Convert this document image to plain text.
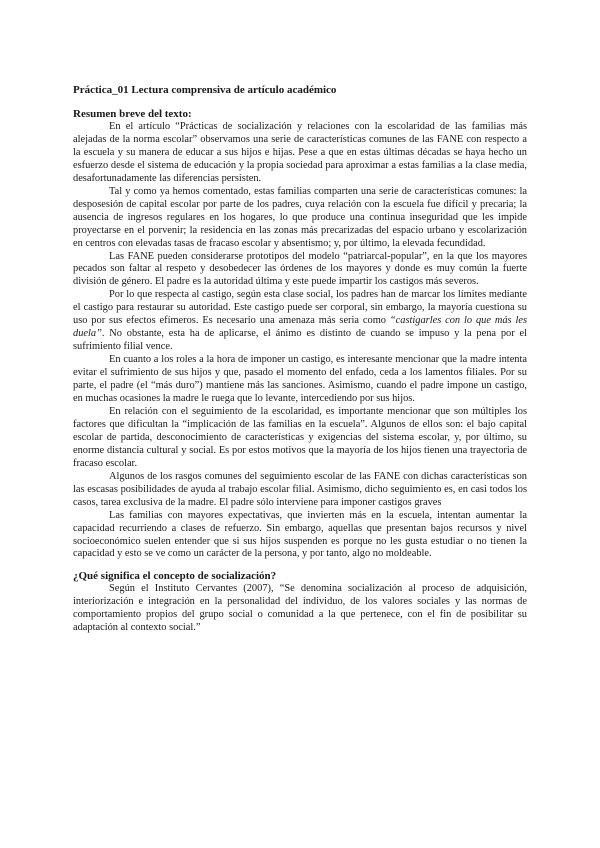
Práctica_01 Lectura comprensiva de artículo académico
Resumen breve del texto:

En el artículo “Prácticas de socialización y relaciones con la escolaridad de las familias más alejadas de la norma escolar” observamos una serie de características comunes de las FANE con respecto a la escuela y su manera de educar a sus hijos e hijas. Pese a que en estas últimas décadas se haya hecho un esfuerzo desde el sistema de educación y la propia sociedad para aproximar a estas familias a la clase media, desafortunadamente las diferencias persisten.

Tal y como ya hemos comentado, estas familias comparten una serie de características comunes: la desposesión de capital escolar por parte de los padres, cuya relación con la escuela fue difícil y precaria; la ausencia de ingresos regulares en los hogares, lo que produce una continua inseguridad que les impide proyectarse en el porvenir; la residencia en las zonas más precarizadas del espacio urbano y escolarización en centros con elevadas tasas de fracaso escolar y absentismo; y, por último, la elevada fecundidad.

Las FANE pueden considerarse prototipos del modelo “patriarcal-popular”, en la que los mayores pecados son faltar al respeto y desobedecer las órdenes de los mayores y donde es muy común la fuerte división de género. El padre es la autoridad última y este puede impartir los castigos más severos.

Por lo que respecta al castigo, según esta clase social, los padres han de marcar los límites mediante el castigo para restaurar su autoridad. Este castigo puede ser corporal, sin embargo, la mayoría cuestiona su uso por sus efectos efímeros. Es necesario una amenaza más seria como “castigarles con lo que más les duela”. No obstante, esta ha de aplicarse, el ánimo es distinto de cuando se impuso y la pena por el sufrimiento filial vence.

En cuanto a los roles a la hora de imponer un castigo, es interesante mencionar que la madre intenta evitar el sufrimiento de sus hijos y que, pasado el momento del enfado, ceda a los lamentos filiales. Por su parte, el padre (el “más duro”) mantiene más las sanciones. Asimismo, cuando el padre impone un castigo, en muchas ocasiones la madre le ruega que lo levante, intercediendo por sus hijos.

En relación con el seguimiento de la escolaridad, es importante mencionar que son múltiples los factores que dificultan la “implicación de las familias en la escuela”. Algunos de ellos son: el bajo capital escolar de partida, desconocimiento de características y exigencias del sistema escolar, y, por último, su enorme distancia cultural y social. Es por estos motivos que la mayoría de los hijos tienen una trayectoria de fracaso escolar.

Algunos de los rasgos comunes del seguimiento escolar de las FANE con dichas características son las escasas posibilidades de ayuda al trabajo escolar filial. Asimismo, dicho seguimiento es, en casi todos los casos, tarea exclusiva de la madre. El padre sólo interviene para imponer castigos graves

Las familias con mayores expectativas, que invierten más en la escuela, intentan aumentar la capacidad recurriendo a clases de refuerzo. Sin embargo, aquellas que presentan bajos recursos y nivel socioeconómico suelen entender que si sus hijos suspenden es porque no les gusta estudiar o no tienen la capacidad y esto se ve como un carácter de la persona, y por tanto, algo no moldeable.

¿Qué significa el concepto de socialización?

Según el Instituto Cervantes (2007), “Se denomina socialización al proceso de adquisición, interiorización e integración en la personalidad del individuo, de los valores sociales y las normas de comportamiento propios del grupo social o comunidad a la que pertenece, con el fin de posibilitar su adaptación al contexto social.”
